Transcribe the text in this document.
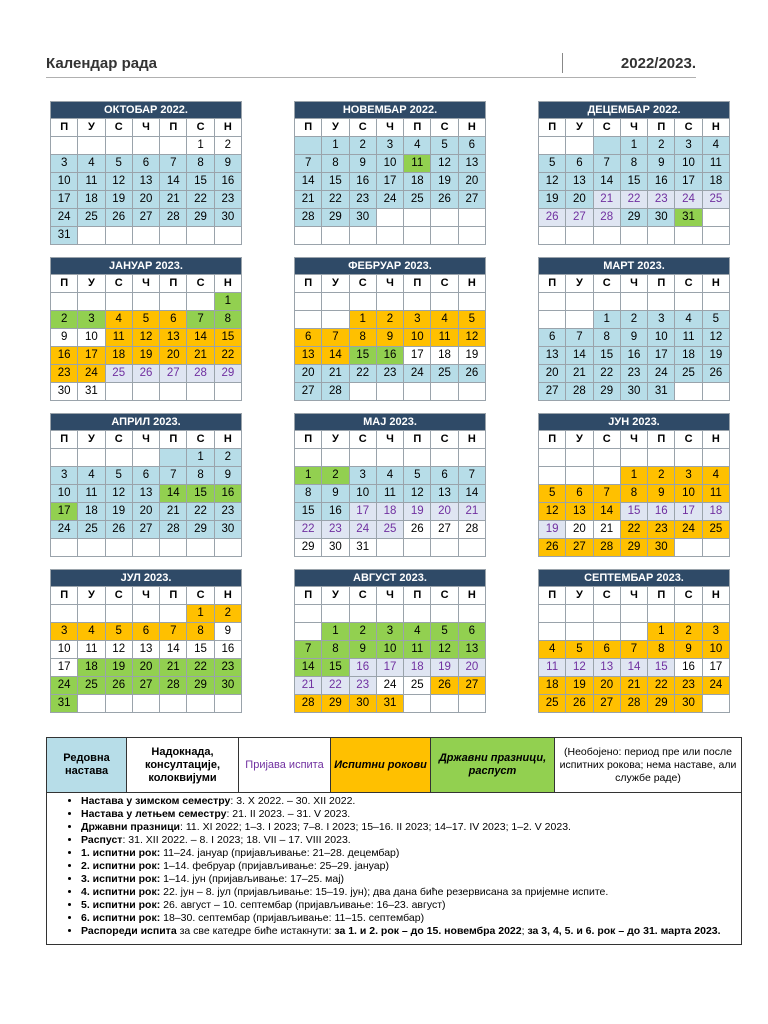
Календар рада	2022/2023.
ОКТОБАР 2022.						
П	У	С	Ч	П	С	Н
					1	2
3	4	5	6	7	8	9
10	11	12	13	14	15	16
17	18	19	20	21	22	23
24	25	26	27	28	29	30
31						
НОВЕМБАР 2022.						
П	У	С	Ч	П	С	Н
	1	2	3	4	5	6
7	8	9	10	11	12	13
14	15	16	17	18	19	20
21	22	23	24	25	26	27
28	29	30				

ДЕЦЕМБАР 2022.						
П	У	С	Ч	П	С	Н
			1	2	3	4
5	6	7	8	9	10	11
12	13	14	15	16	17	18
19	20	21	22	23	24	25
26	27	28	29	30	31	

ЈАНУАР 2023.						
П	У	С	Ч	П	С	Н
						1
2	3	4	5	6	7	8
9	10	11	12	13	14	15
16	17	18	19	20	21	22
23	24	25	26	27	28	29
30	31					
ФЕБРУАР 2023.						
П	У	С	Ч	П	С	Н

		1	2	3	4	5
6	7	8	9	10	11	12
13	14	15	16	17	18	19
20	21	22	23	24	25	26
27	28					
МАРТ 2023.						
П	У	С	Ч	П	С	Н

		1	2	3	4	5
6	7	8	9	10	11	12
13	14	15	16	17	18	19
20	21	22	23	24	25	26
27	28	29	30	31		
АПРИЛ 2023.						
П	У	С	Ч	П	С	Н
					1	2
3	4	5	6	7	8	9
10	11	12	13	14	15	16
17	18	19	20	21	22	23
24	25	26	27	28	29	30

МАЈ 2023.						
П	У	С	Ч	П	С	Н

1	2	3	4	5	6	7
8	9	10	11	12	13	14
15	16	17	18	19	20	21
22	23	24	25	26	27	28
29	30	31				
ЈУН 2023.						
П	У	С	Ч	П	С	Н

			1	2	3	4
5	6	7	8	9	10	11
12	13	14	15	16	17	18
19	20	21	22	23	24	25
26	27	28	29	30		
ЈУЛ 2023.						
П	У	С	Ч	П	С	Н
					1	2
3	4	5	6	7	8	9
10	11	12	13	14	15	16
17	18	19	20	21	22	23
24	25	26	27	28	29	30
31						
АВГУСТ 2023.						
П	У	С	Ч	П	С	Н

	1	2	3	4	5	6
7	8	9	10	11	12	13
14	15	16	17	18	19	20
21	22	23	24	25	26	27
28	29	30	31			
СЕПТЕМБАР 2023.						
П	У	С	Ч	П	С	Н

				1	2	3
4	5	6	7	8	9	10
11	12	13	14	15	16	17
18	19	20	21	22	23	24
25	26	27	28	29	30	
Редовна настава	Надокнада, консултације, колоквијуми	Пријава испита	Испитни рокови	Државни празници, распуст	(Необојено: период пре или после испитних рокова; нема наставе, али службе раде)

• Настава у зимском семестру: 3. X 2022. – 30. XII 2022.
• Настава у летњем семестру: 21. II 2023. – 31. V 2023.
• Државни празници: 11. XI 2022; 1–3. I 2023; 7–8. I 2023; 15–16. II 2023; 14–17. IV 2023; 1–2. V 2023.
• Распуст: 31. XII 2022. – 8. I 2023; 18. VII – 17. VIII 2023.
• 1. испитни рок: 11–24. јануар (пријављивање: 21–28. децембар)
• 2. испитни рок: 1–14. фебруар (пријављивање: 25–29. јануар)
• 3. испитни рок: 1–14. јун (пријављивање: 17–25. мај)
• 4. испитни рок: 22. јун – 8. јул (пријављивање: 15–19. јун); два дана биће резервисана за пријемне испите.
• 5. испитни рок: 26. август – 10. септембар (пријављивање: 16–23. август)
• 6. испитни рок: 18–30. септембар (пријављивање: 11–15. септембар)
• Распореди испита за све катедре биће истакнути: за 1. и 2. рок – до 15. новембра 2022; за 3, 4, 5. и 6. рок – до 31. марта 2023.
